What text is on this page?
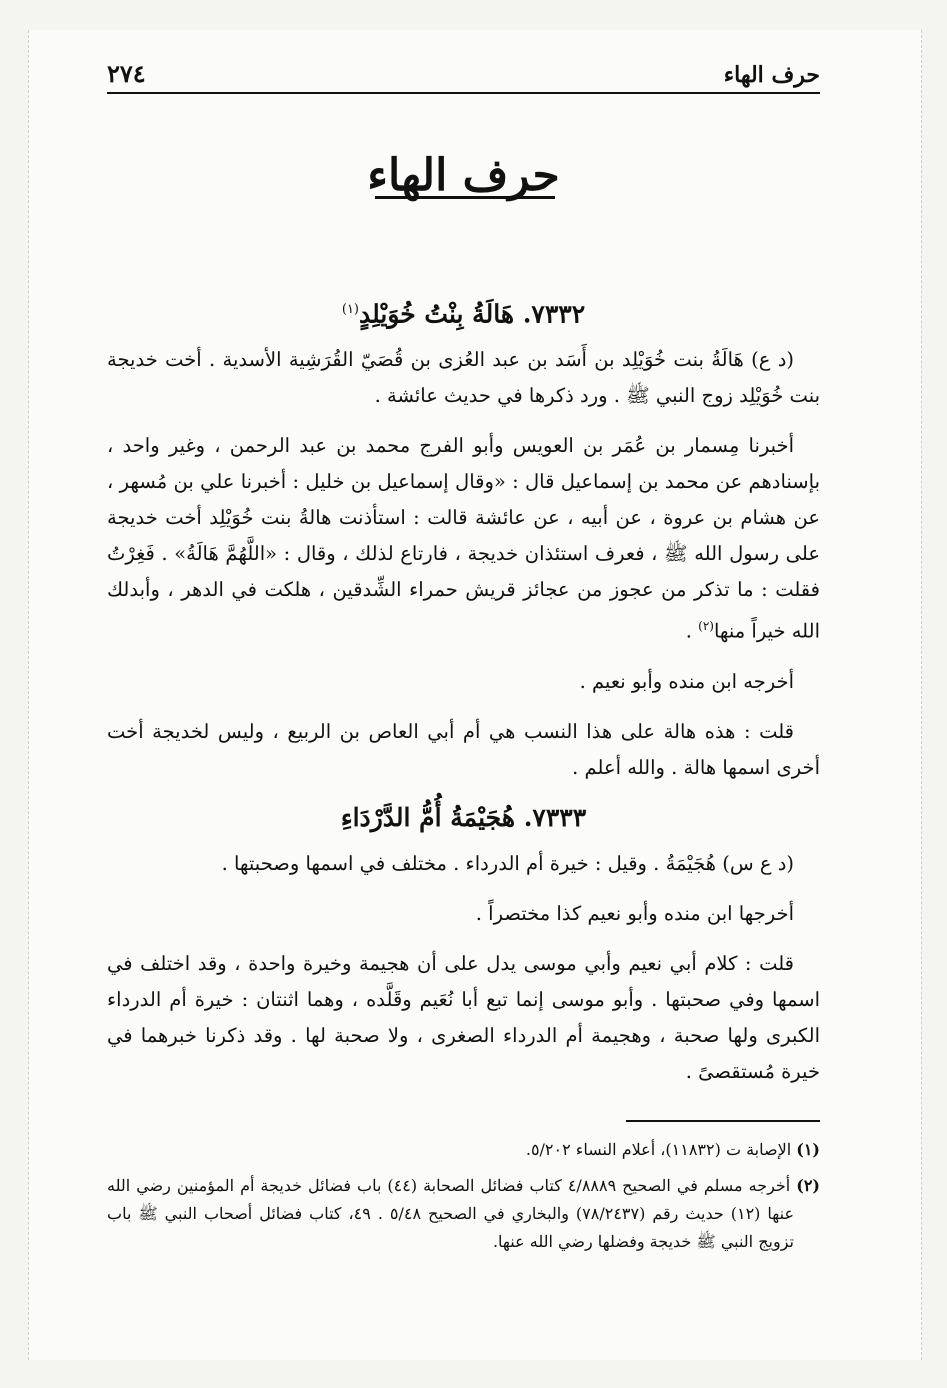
حرف الهاء
٢٧٤
حرف الهاء
٧٣٣٢. هَالَةُ بِنْتُ خُوَيْلِدٍ$^{(١)}$

(د ع) هَالَةُ بنت خُوَيْلِد بن أَسَد بن عبد العُزى بن قُصَيّ القُرَشِية الأسدية . أخت خديجة بنت خُوَيْلِد زوج النبي ﷺ . ورد ذكرها في حديث عائشة .

أخبرنا مِسمار بن عُمَر بن العويس وأبو الفرج محمد بن عبد الرحمن ، وغير واحد ، بإسنادهم عن محمد بن إسماعيل قال : «وقال إسماعيل بن خليل : أخبرنا علي بن مُسهر ، عن هشام بن عروة ، عن أبيه ، عن عائشة قالت : استأذنت هالةُ بنت خُوَيْلِد أخت خديجة على رسول الله ﷺ ، فعرف استئذان خديجة ، فارتاع لذلك ، وقال : «اللَّهُمَّ هَالَةُ» . فَغِرْتُ فقلت : ما تذكر من عجوز من عجائز قريش حمراء الشِّدقين ، هلكت في الدهر ، وأبدلك الله خيراً منها$^{(٢)}$ .

أخرجه ابن منده وأبو نعيم .

قلت : هذه هالة على هذا النسب هي أم أبي العاص بن الربيع ، وليس لخديجة أخت أخرى اسمها هالة . والله أعلم .

٧٣٣٣. هُجَيْمَةُ أُمُّ الدَّرْدَاءِ

(د ع س) هُجَيْمَةُ . وقيل : خيرة أم الدرداء . مختلف في اسمها وصحبتها .

أخرجها ابن منده وأبو نعيم كذا مختصراً .

قلت : كلام أبي نعيم وأبي موسى يدل على أن هجيمة وخيرة واحدة ، وقد اختلف في اسمها وفي صحبتها . وأبو موسى إنما تبع أبا نُعَيم وقَلَّده ، وهما اثنتان : خيرة أم الدرداء الكبرى ولها صحبة ، وهجيمة أم الدرداء الصغرى ، ولا صحبة لها . وقد ذكرنا خبرهما في خيرة مُستقصىً .

(١) الإصابة ت (١١٨٣٢)، أعلام النساء ٥/٢٠٢.
(٢) أخرجه مسلم في الصحيح ٤/٨٨٨٩ كتاب فضائل الصحابة (٤٤) باب فضائل خديجة أم المؤمنين رضي الله عنها (١٢) حديث رقم (٧٨/٢٤٣٧) والبخاري في الصحيح ٥/٤٨ . ٤٩، كتاب فضائل أصحاب النبي ﷺ باب تزويج النبي ﷺ خديجة وفضلها رضي الله عنها.
